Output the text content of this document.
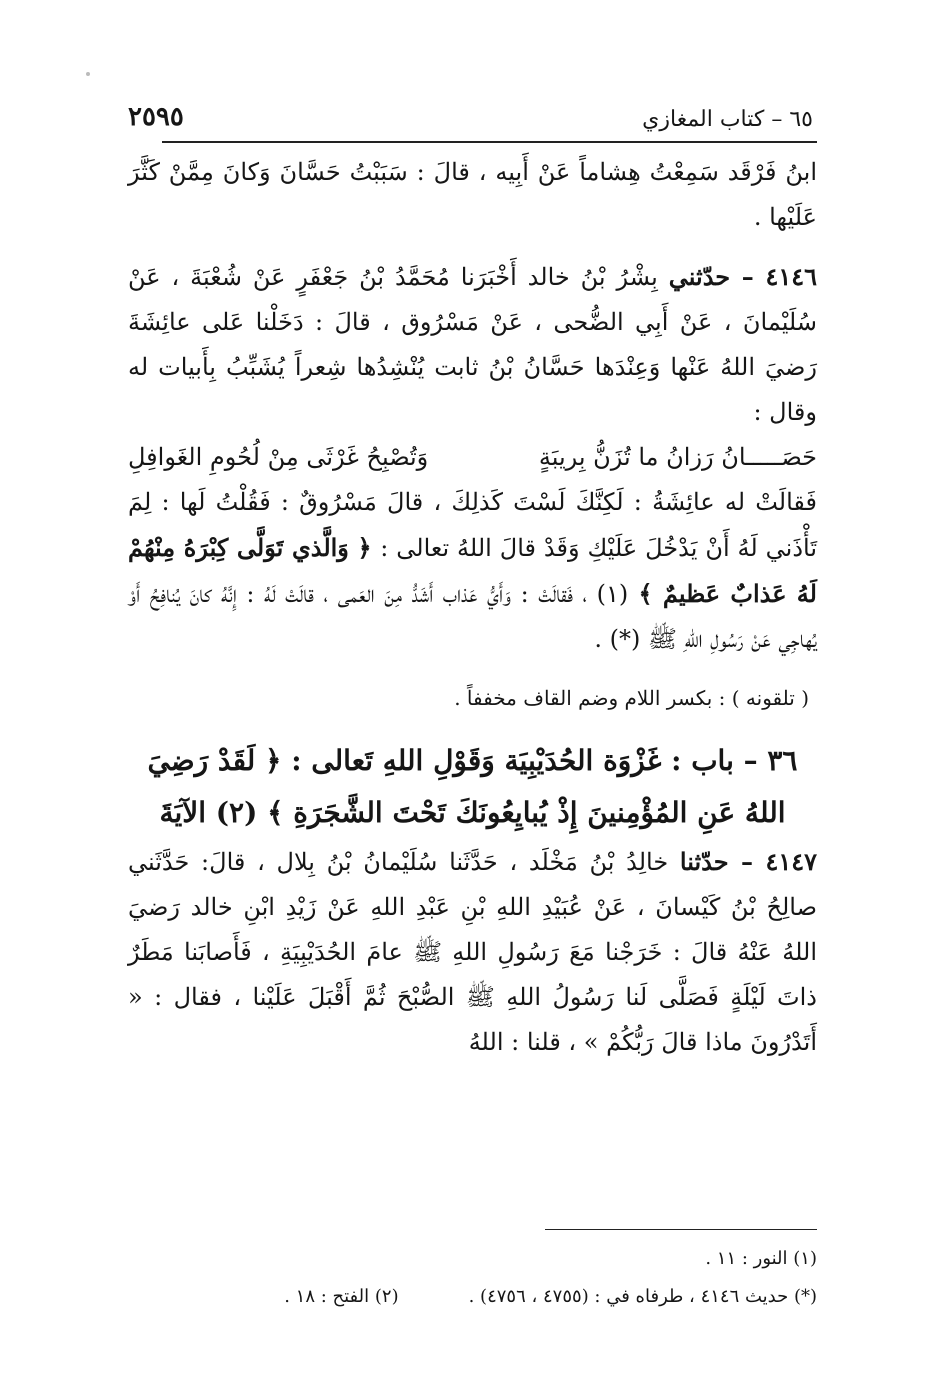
٦٥ – كتاب المغازي
٢٥٩٥

ابنُ فَرْقَد سَمِعْتُ هِشاماً عَنْ أَبِيه ، قالَ : سَبَبْتُ حَسَّانَ وَكانَ مِمَّنْ كَثَّرَ عَلَيْها .

٤١٤٦ – حدّثني بِشْرُ بْنُ خالد أَخْبَرَنا مُحَمَّدُ بْنُ جَعْفَرٍ عَنْ شُعْبَةَ ، عَنْ سُلَيْمانَ ، عَنْ أَبِي الضُّحى ، عَنْ مَسْرُوق ، قالَ : دَخَلْنا عَلى عائِشَةَ رَضيَ اللهُ عَنْها وَعِنْدَها حَسَّانُ بْنُ ثابت يُنْشِدُها شِعراً يُشَبِّبُ بِأَبيات له وقال :

حَصَـــــانُ رَزانُ ما تُزَنُّ بِريبَةٍ
وَتُصْبِحُ غَرْثَى مِنْ لُحُومِ الغَوافِلِ

فَقالَتْ له عائِشَةُ : لَكِنَّكَ لَسْتَ كَذلِكَ ، قالَ مَسْرُوقٌ : فَقُلْتُ لَها : لِمَ تَأْذَني لَهُ أَنْ يَدْخُلَ عَلَيْكِ وَقَدْ قالَ اللهُ تعالى : ﴿ وَالَّذي تَوَلَّى كِبْرَهُ مِنْهُمْ لَهُ عَذابٌ عَظيمٌ ﴾ (١) ، فَقالَتْ : وَأَيُّ عَذاب أَشَدُّ مِنَ العَمى ، قالَتْ لَهُ : إِنَّهُ كانَ يُنافِحُ أَوْ يُهاجِي عَنْ رَسُولِ اللهِ ﷺ (*) .

( تلقونه ) : بكسر اللام وضم القاف مخففاً .

٣٦ – باب : غَزْوَة الحُدَيْبِيَة وَقَوْلِ اللهِ تَعالى : ﴿ لَقَدْ رَضِيَ اللهُ عَنِ المُؤْمِنينَ إِذْ يُبايِعُونَكَ تَحْتَ الشَّجَرَةِ ﴾ (٢) الآيَةَ

٤١٤٧ – حدّثنا خالِدُ بْنُ مَخْلَد ، حَدَّثَنا سُلَيْمانُ بْنُ بِلال ، قالَ: حَدَّثَني صالِحُ بْنُ كَيْسانَ ، عَنْ عُبَيْدِ اللهِ بْنِ عَبْدِ اللهِ عَنْ زَيْدِ ابْنِ خالد رَضيَ اللهُ عَنْهُ قالَ : خَرَجْنا مَعَ رَسُولِ اللهِ ﷺ عامَ الحُدَيْبِيَةِ ، فَأَصابَنا مَطَرٌ ذاتَ لَيْلَةٍ فَصَلَّى لَنا رَسُولُ اللهِ ﷺ الصُّبْحَ ثُمَّ أَقْبَلَ عَلَيْنا ، فقال : « أَتَدْرُونَ ماذا قالَ رَبُّكُمْ » ، قلنا : اللهُ

(١) النور : ١١ .
(*) حديث ٤١٤٦ ، طرفاه في : (٤٧٥٥ ، ٤٧٥٦) .
(٢) الفتح : ١٨ .
